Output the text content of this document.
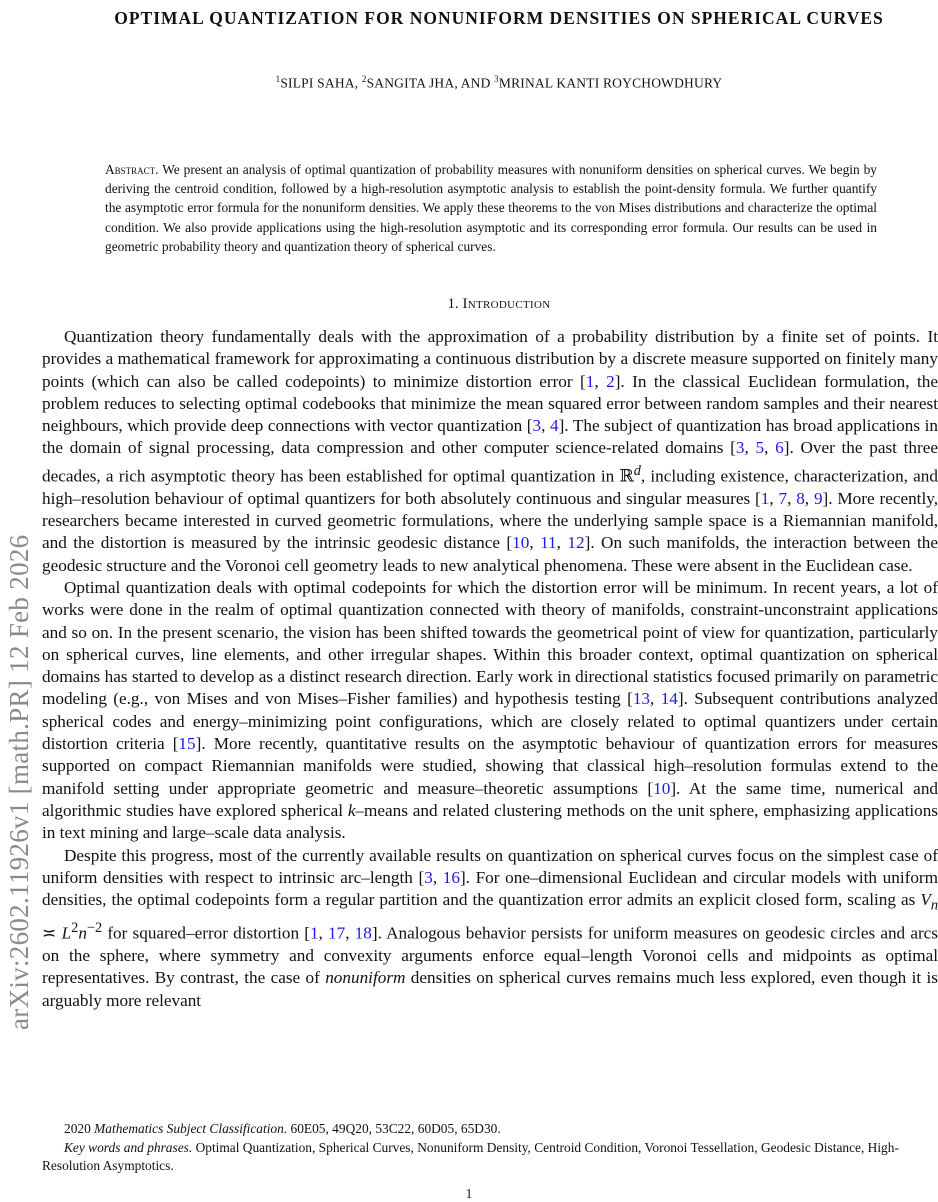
arXiv:2602.11926v1 [math.PR] 12 Feb 2026
OPTIMAL QUANTIZATION FOR NONUNIFORM DENSITIES ON SPHERICAL CURVES
$^1$SILPI SAHA, $^2$SANGITA JHA, AND $^3$MRINAL KANTI ROYCHOWDHURY

Abstract. We present an analysis of optimal quantization of probability measures with nonuniform densities on spherical curves. We begin by deriving the centroid condition, followed by a high-resolution asymptotic analysis to establish the point-density formula. We further quantify the asymptotic error formula for the nonuniform densities. We apply these theorems to the von Mises distributions and characterize the optimal condition. We also provide applications using the high-resolution asymptotic and its corresponding error formula. Our results can be used in geometric probability theory and quantization theory of spherical curves.

1. Introduction

Quantization theory fundamentally deals with the approximation of a probability distribution by a finite set of points. It provides a mathematical framework for approximating a continuous distribution by a discrete measure supported on finitely many points (which can also be called codepoints) to minimize distortion error [1, 2]. In the classical Euclidean formulation, the problem reduces to selecting optimal codebooks that minimize the mean squared error between random samples and their nearest neighbours, which provide deep connections with vector quantization [3, 4]. The subject of quantization has broad applications in the domain of signal processing, data compression and other computer science-related domains [3, 5, 6]. Over the past three decades, a rich asymptotic theory has been established for optimal quantization in ℝ$^d$, including existence, characterization, and high–resolution behaviour of optimal quantizers for both absolutely continuous and singular measures [1, 7, 8, 9]. More recently, researchers became interested in curved geometric formulations, where the underlying sample space is a Riemannian manifold, and the distortion is measured by the intrinsic geodesic distance [10, 11, 12]. On such manifolds, the interaction between the geodesic structure and the Voronoi cell geometry leads to new analytical phenomena. These were absent in the Euclidean case.

Optimal quantization deals with optimal codepoints for which the distortion error will be minimum. In recent years, a lot of works were done in the realm of optimal quantization connected with theory of manifolds, constraint-unconstraint applications and so on. In the present scenario, the vision has been shifted towards the geometrical point of view for quantization, particularly on spherical curves, line elements, and other irregular shapes. Within this broader context, optimal quantization on spherical domains has started to develop as a distinct research direction. Early work in directional statistics focused primarily on parametric modeling (e.g., von Mises and von Mises–Fisher families) and hypothesis testing [13, 14]. Subsequent contributions analyzed spherical codes and energy–minimizing point configurations, which are closely related to optimal quantizers under certain distortion criteria [15]. More recently, quantitative results on the asymptotic behaviour of quantization errors for measures supported on compact Riemannian manifolds were studied, showing that classical high–resolution formulas extend to the manifold setting under appropriate geometric and measure–theoretic assumptions [10]. At the same time, numerical and algorithmic studies have explored spherical k–means and related clustering methods on the unit sphere, emphasizing applications in text mining and large–scale data analysis.

Despite this progress, most of the currently available results on quantization on spherical curves focus on the simplest case of uniform densities with respect to intrinsic arc–length [3, 16]. For one–dimensional Euclidean and circular models with uniform densities, the optimal codepoints form a regular partition and the quantization error admits an explicit closed form, scaling as $V_n$ ≍ $L^2n^{-2}$ for squared–error distortion [1, 17, 18]. Analogous behavior persists for uniform measures on geodesic circles and arcs on the sphere, where symmetry and convexity arguments enforce equal–length Voronoi cells and midpoints as optimal representatives. By contrast, the case of nonuniform densities on spherical curves remains much less explored, even though it is arguably more relevant

2020 Mathematics Subject Classification. 60E05, 49Q20, 53C22, 60D05, 65D30.

Key words and phrases. Optimal Quantization, Spherical Curves, Nonuniform Density, Centroid Condition, Voronoi Tessellation, Geodesic Distance, High-Resolution Asymptotics.

1
